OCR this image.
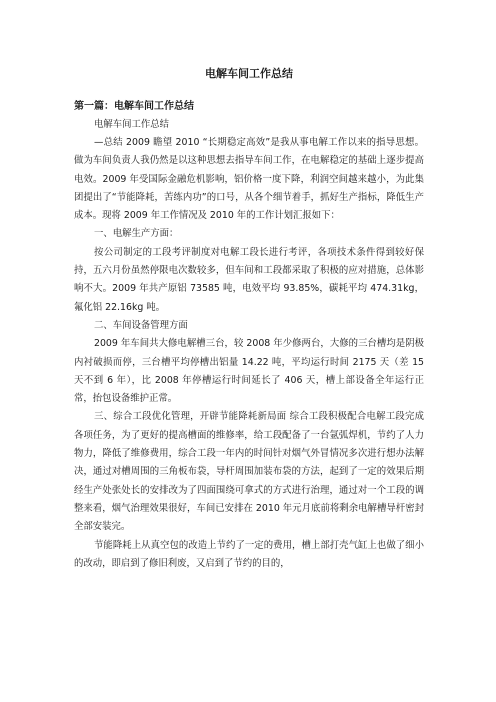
电解车间工作总结
第一篇：电解车间工作总结

电解车间工作总结

—总结 2009 瞻望 2010 “长期稳定高效”是我从事电解工作以来的指导思想。做为车间负责人我仍然是以这种思想去指导车间工作，在电解稳定的基础上逐步提高电效。2009 年受国际金融危机影响，铝价格一度下降，利润空间越来越小，为此集团提出了“节能降耗，苦练内功”的口号，从各个细节着手，抓好生产指标，降低生产成本。现将 2009 年工作情况及 2010 年的工作计划汇报如下：

一、电解生产方面：

按公司制定的工段考评制度对电解工段长进行考评，各项技术条件得到较好保持，五六月份虽然停限电次数较多，但车间和工段都采取了积极的应对措施，总体影响不大。2009 年共产原铝 73585 吨，电效平均 93.85%，碳耗平均 474.31kg，氟化铝 22.16kg 吨。

二、车间设备管理方面

2009 年车间共大修电解槽三台，较 2008 年少修两台，大修的三台槽均是阴极内衬破损而停，三台槽平均停槽出铝量 14.22 吨，平均运行时间 2175 天（差 15 天不到 6 年），比 2008 年停槽运行时间延长了 406 天，槽上部设备全年运行正常，抬包设备维护正常。

三、综合工段优化管理，开辟节能降耗新局面 综合工段积极配合电解工段完成各项任务，为了更好的提高槽面的维修率，给工段配备了一台氩弧焊机，节约了人力物力，降低了维修费用，综合工段一年内的时间针对烟气外冒情况多次进行想办法解决，通过对槽周围的三角板布袋，导杆周围加装布袋的方法，起到了一定的效果后期经生产处张处长的安排改为了四面围绕可拿式的方式进行治理，通过对一个工段的调整来看，烟气治理效果很好，车间已安排在 2010 年元月底前将剩余电解槽导杆密封全部安装完。

节能降耗上从真空包的改造上节约了一定的费用，槽上部打壳气缸上也做了细小的改动，即启到了修旧利废，又启到了节约的目的，
